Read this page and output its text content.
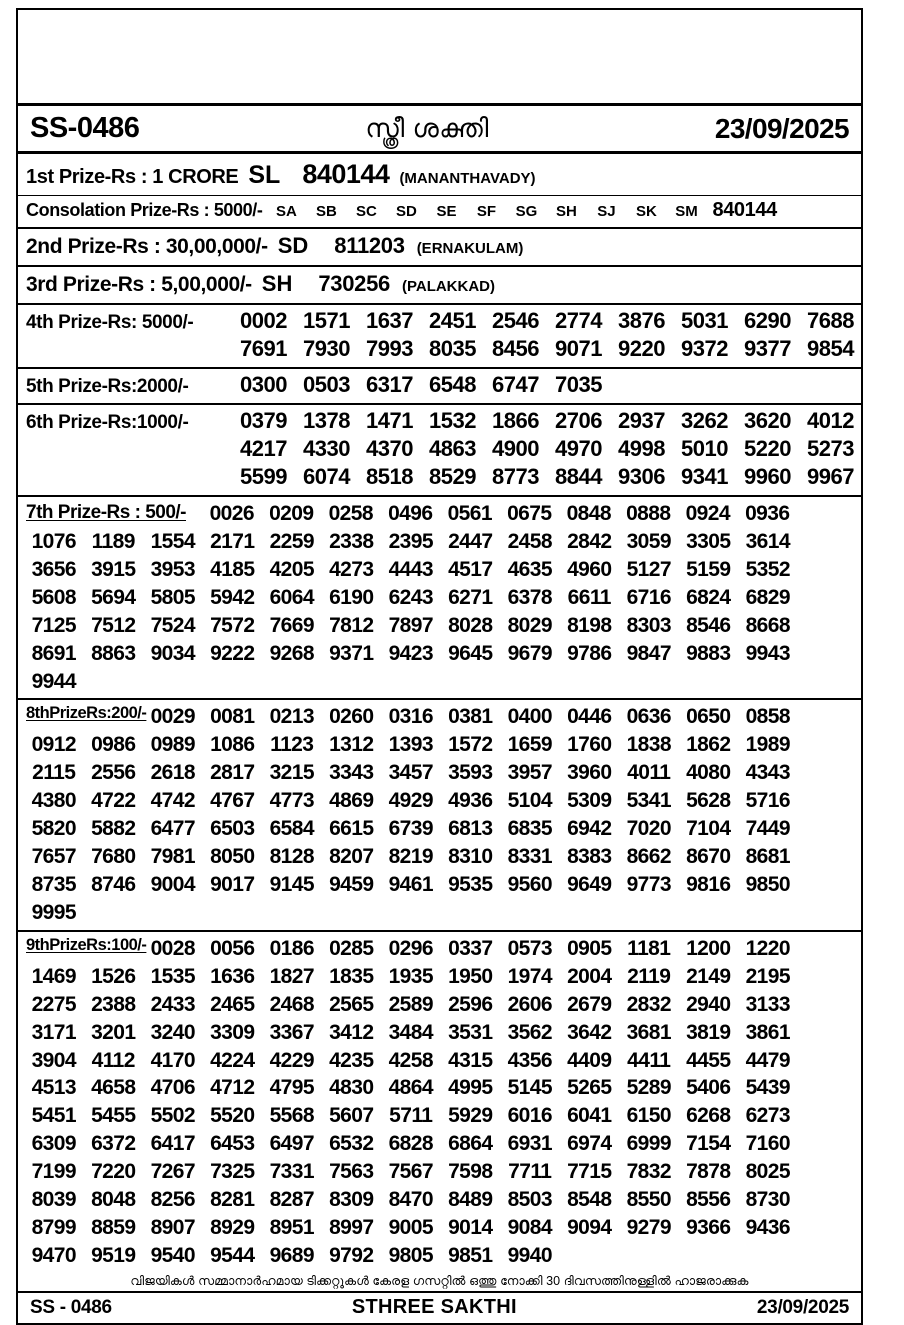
SS-0486	സ്ത്രീ ശക്തി	23/09/2025
1st Prize-Rs : 1 CRORE SL 840144 (MANANTHAVADY)
Consolation Prize-Rs : 5000/- SA	SB	SC	SD	SE	SF	SG	SH	SJ	SK	SM 840144
2nd Prize-Rs : 30,00,000/- SD 811203 (ERNAKULAM)
3rd Prize-Rs : 5,00,000/- SH 730256 (PALAKKAD)
4th Prize-Rs: 5000/-	0002 1571 1637 2451 2546 2774 3876 5031 6290 7688
7691 7930 7993 8035 8456 9071 9220 9372 9377 9854
5th Prize-Rs:2000/-	0300 0503 6317 6548 6747 7035
6th Prize-Rs:1000/-	0379 1378 1471 1532 1866 2706 2937 3262 3620 4012
4217 4330 4370 4863 4900 4970 4998 5010 5220 5273
5599 6074 8518 8529 8773 8844 9306 9341 9960 9967
7th Prize-Rs : 500/-	0026 0209 0258 0496 0561 0675 0848 0888 0924 0936
1076 1189 1554 2171 2259 2338 2395 2447 2458 2842 3059 3305 3614
3656 3915 3953 4185 4205 4273 4443 4517 4635 4960 5127 5159 5352
5608 5694 5805 5942 6064 6190 6243 6271 6378 6611 6716 6824 6829
7125 7512 7524 7572 7669 7812 7897 8028 8029 8198 8303 8546 8668
8691 8863 9034 9222 9268 9371 9423 9645 9679 9786 9847 9883 9943
9944
8thPrizeRs:200/- 0029 0081 0213 0260 0316 0381 0400 0446 0636 0650 0858
0912 0986 0989 1086 1123 1312 1393 1572 1659 1760 1838 1862 1989
2115 2556 2618 2817 3215 3343 3457 3593 3957 3960 4011 4080 4343
4380 4722 4742 4767 4773 4869 4929 4936 5104 5309 5341 5628 5716
5820 5882 6477 6503 6584 6615 6739 6813 6835 6942 7020 7104 7449
7657 7680 7981 8050 8128 8207 8219 8310 8331 8383 8662 8670 8681
8735 8746 9004 9017 9145 9459 9461 9535 9560 9649 9773 9816 9850
9995
9thPrizeRs:100/- 0028 0056 0186 0285 0296 0337 0573 0905 1181 1200 1220
1469 1526 1535 1636 1827 1835 1935 1950 1974 2004 2119 2149 2195
2275 2388 2433 2465 2468 2565 2589 2596 2606 2679 2832 2940 3133
3171 3201 3240 3309 3367 3412 3484 3531 3562 3642 3681 3819 3861
3904 4112 4170 4224 4229 4235 4258 4315 4356 4409 4411 4455 4479
4513 4658 4706 4712 4795 4830 4864 4995 5145 5265 5289 5406 5439
5451 5455 5502 5520 5568 5607 5711 5929 6016 6041 6150 6268 6273
6309 6372 6417 6453 6497 6532 6828 6864 6931 6974 6999 7154 7160
7199 7220 7267 7325 7331 7563 7567 7598 7711 7715 7832 7878 8025
8039 8048 8256 8281 8287 8309 8470 8489 8503 8548 8550 8556 8730
8799 8859 8907 8929 8951 8997 9005 9014 9084 9094 9279 9366 9436
9470 9519 9540 9544 9689 9792 9805 9851 9940
വിജയികൾ സമ്മാനാർഹമായ ടിക്കറ്റുകൾ കേരള ഗസറ്റിൽ ഒത്തു നോക്കി 30 ദിവസത്തിനുള്ളിൽ ഹാജരാക്കുക
SS - 0486	STHREE SAKTHI	23/09/2025
